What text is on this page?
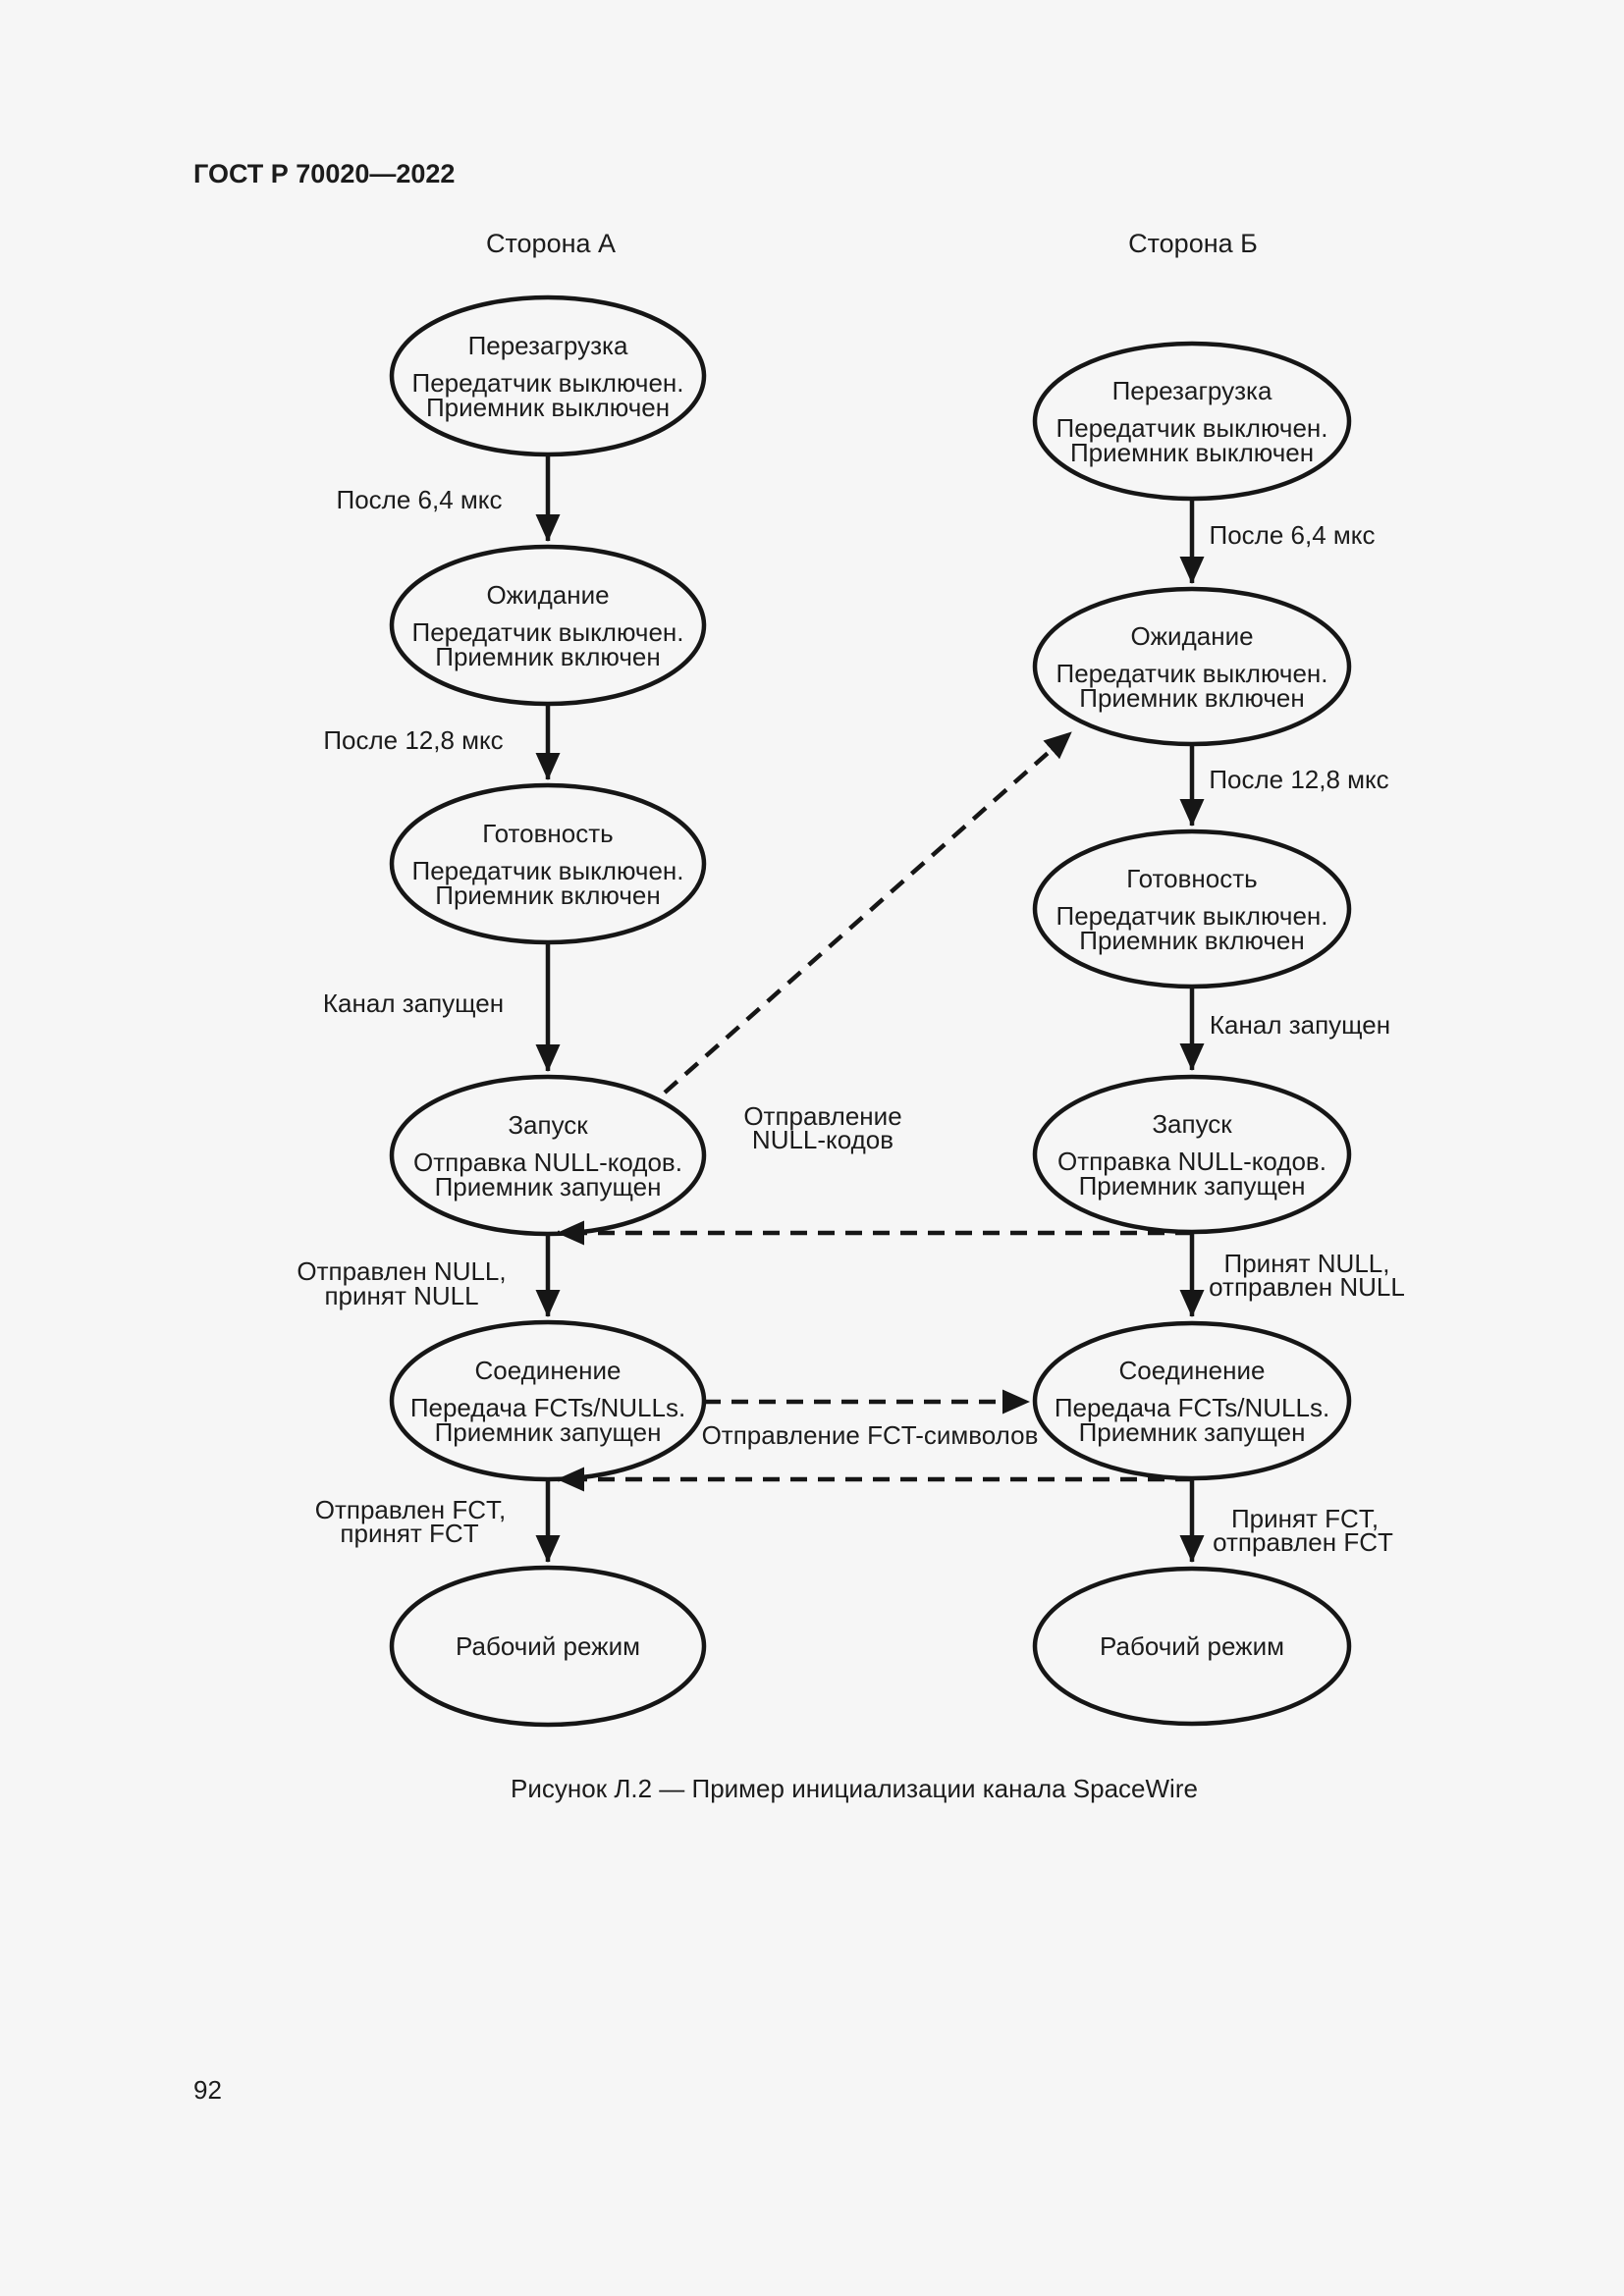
ГОСТ Р 70020—2022
Сторона А	Сторона Б
Перезагрузка
Передатчик выключен.
Приемник выключен
Ожидание
Передатчик выключен.
Приемник включен
Готовность
Передатчик выключен.
Приемник включен
Запуск
Отправка NULL-кодов.
Приемник запущен
Соединение
Передача FCTs/NULLs.
Приемник запущен
Рабочий режим
Перезагрузка
Передатчик выключен.
Приемник выключен
Ожидание
Передатчик выключен.
Приемник включен
Готовность
Передатчик выключен.
Приемник включен
Запуск
Отправка NULL-кодов.
Приемник запущен
Соединение
Передача FCTs/NULLs.
Приемник запущен
Рабочий режим
После 6,4 мкс
После 12,8 мкс
Канал запущен
Отправлен NULL,
принят NULL
Отправлен FCT,
принят FCT
После 6,4 мкс
После 12,8 мкс
Канал запущен
Принят NULL,
отправлен NULL
Принят FCT,
отправлен FCT
Отправление
NULL-кодов
Отправление FCT-символов
Рисунок Л.2 — Пример инициализации канала SpaceWire
92
